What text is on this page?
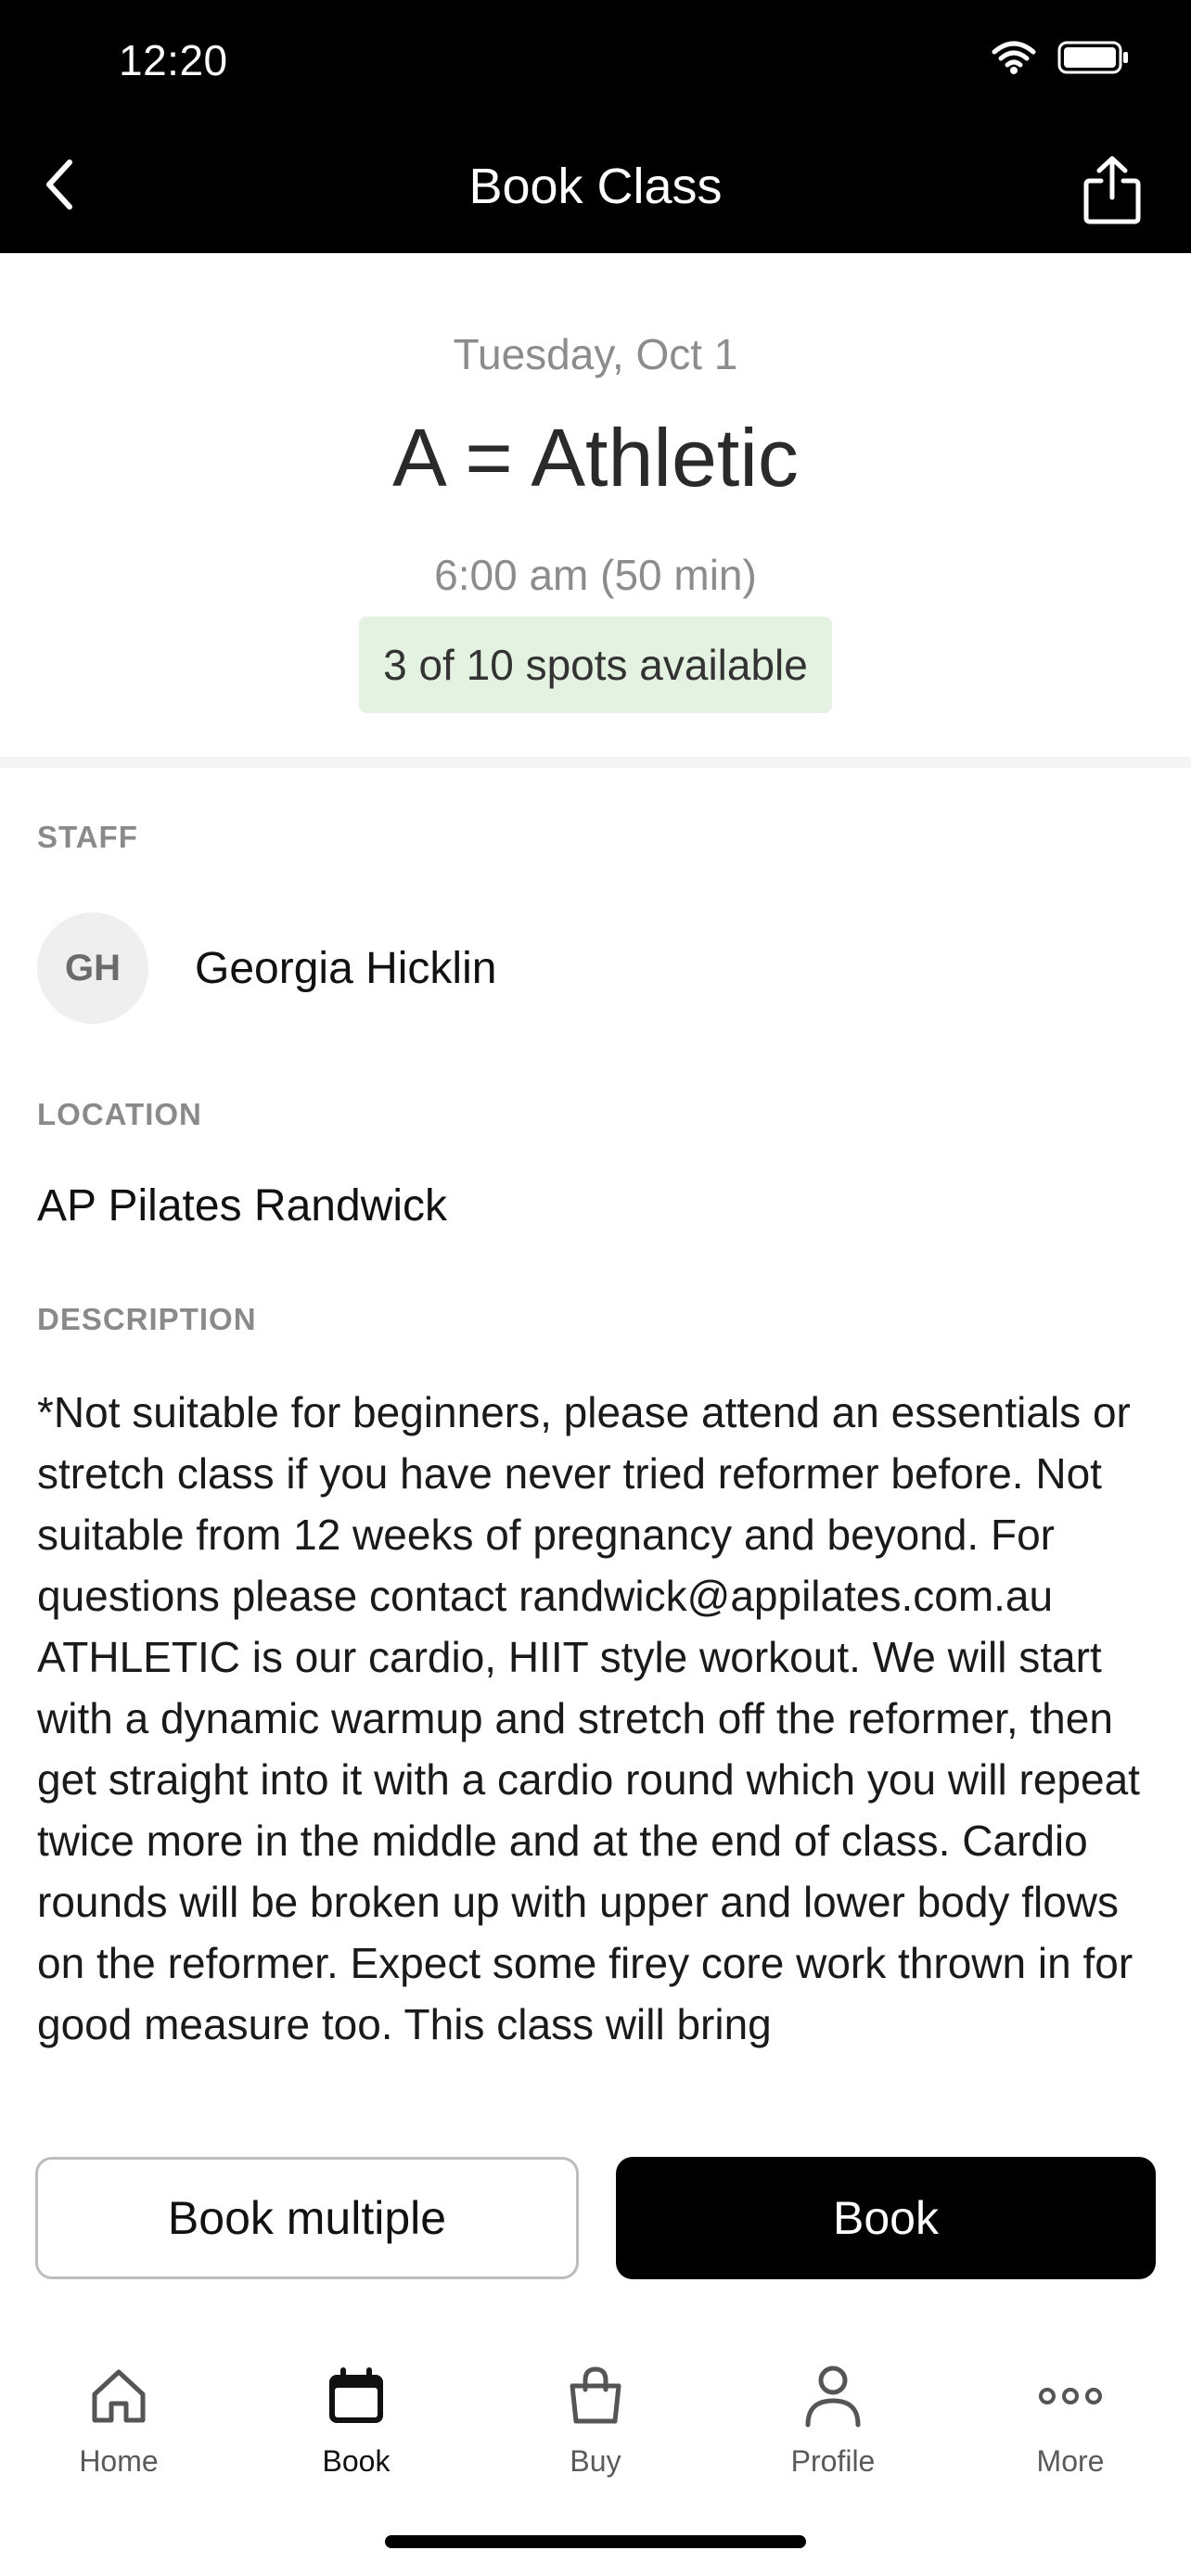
12:20
Book Class
Tuesday, Oct 1
A = Athletic
6:00 am (50 min)
3 of 10 spots available
STAFF
GH	Georgia Hicklin
LOCATION
AP Pilates Randwick
DESCRIPTION
*Not suitable for beginners, please attend an essentials or stretch class if you have never tried reformer before. Not suitable from 12 weeks of pregnancy and beyond. For questions please contact randwick@appilates.com.au ATHLETIC is our cardio, HIIT style workout. We will start with a dynamic warmup and stretch off the reformer, then get straight into it with a cardio round which you will repeat twice more in the middle and at the end of class. Cardio rounds will be broken up with upper and lower body flows on the reformer. Expect some firey core work thrown in for good measure too. This class will bring
Book multiple	Book
Home	Book	Buy	Profile	More
